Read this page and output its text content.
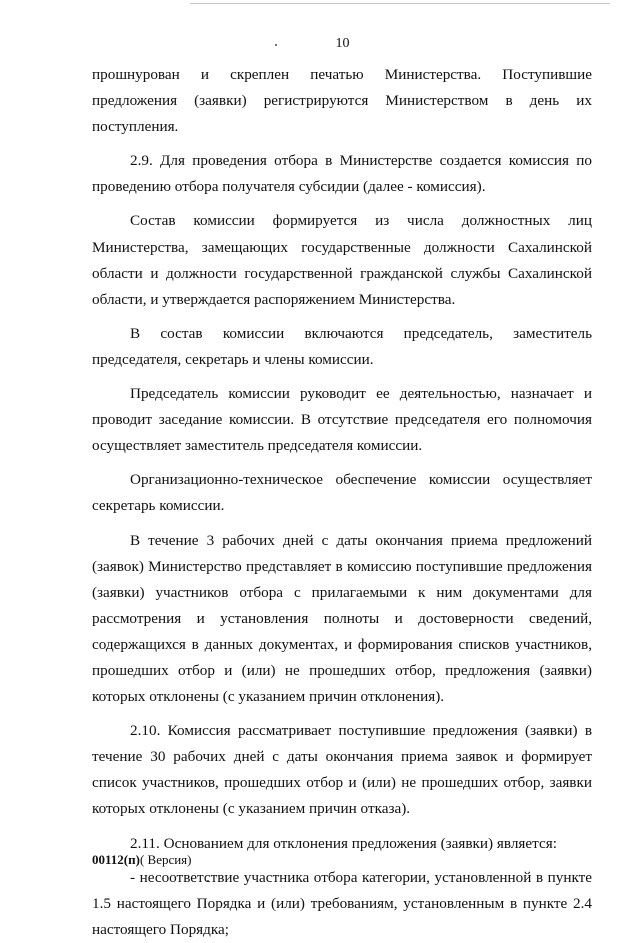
10

прошнурован и скреплен печатью Министерства. Поступившие предложения (заявки) регистрируются Министерством в день их поступления.

2.9. Для проведения отбора в Министерстве создается комиссия по проведению отбора получателя субсидии (далее - комиссия).

Состав комиссии формируется из числа должностных лиц Министерства, замещающих государственные должности Сахалинской области и должности государственной гражданской службы Сахалинской области, и утверждается распоряжением Министерства.

В состав комиссии включаются председатель, заместитель председателя, секретарь и члены комиссии.

Председатель комиссии руководит ее деятельностью, назначает и проводит заседание комиссии. В отсутствие председателя его полномочия осуществляет заместитель председателя комиссии.

Организационно-техническое обеспечение комиссии осуществляет секретарь комиссии.

В течение 3 рабочих дней с даты окончания приема предложений (заявок) Министерство представляет в комиссию поступившие предложения (заявки) участников отбора с прилагаемыми к ним документами для рассмотрения и установления полноты и достоверности сведений, содержащихся в данных документах, и формирования списков участников, прошедших отбор и (или) не прошедших отбор, предложения (заявки) которых отклонены (с указанием причин отклонения).

2.10. Комиссия рассматривает поступившие предложения (заявки) в течение 30 рабочих дней с даты окончания приема заявок и формирует список участников, прошедших отбор и (или) не прошедших отбор, заявки которых отклонены (с указанием причин отказа).

2.11. Основанием для отклонения предложения (заявки) является:

- несоответствие участника отбора категории, установленной в пункте 1.5 настоящего Порядка и (или) требованиям, установленным в пункте 2.4 настоящего Порядка;

00112(п)( Версия)
